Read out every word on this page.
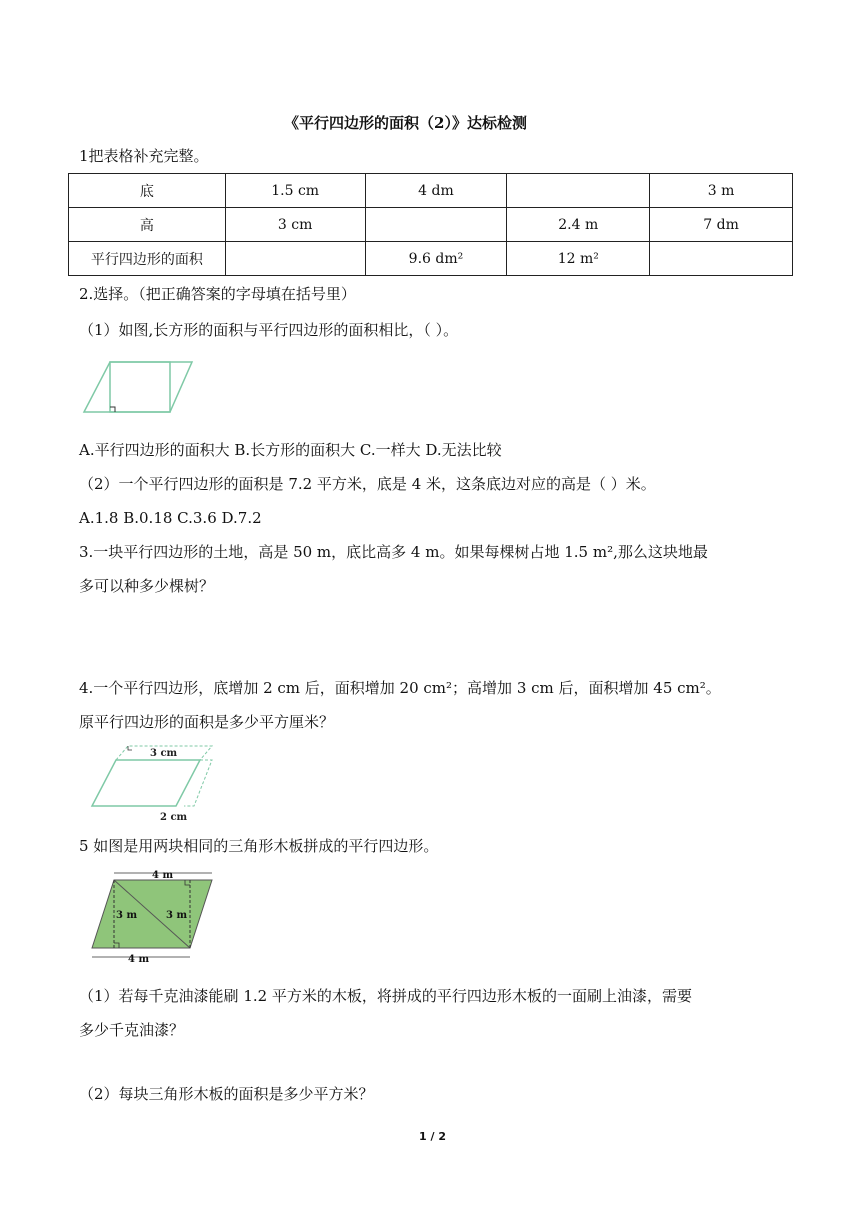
《平行四边形的面积（2）》达标检测
1把表格补充完整。
底	1.5 cm	4 dm		3 m
高	3 cm		2.4 m	7 dm
平行四边形的面积		9.6 dm²	12 m²	
2.选择。（把正确答案的字母填在括号里）
（1）如图,长方形的面积与平行四边形的面积相比，（ ）。
A.平行四边形的面积大 B.长方形的面积大 C.一样大 D.无法比较
（2）一个平行四边形的面积是 7.2 平方米，底是 4 米，这条底边对应的高是（ ）米。
A.1.8 B.0.18 C.3.6 D.7.2
3.一块平行四边形的土地，高是 50 m，底比高多 4 m。如果每棵树占地 1.5 m²,那么这块地最
多可以种多少棵树？
4.一个平行四边形，底增加 2 cm 后，面积增加 20 cm²；高增加 3 cm 后，面积增加 45 cm²。
原平行四边形的面积是多少平方厘米？
3 cm
2 cm
5 如图是用两块相同的三角形木板拼成的平行四边形。
4 m
4 m
3 m	3 m
（1）若每千克油漆能刷 1.2 平方米的木板，将拼成的平行四边形木板的一面刷上油漆，需要
多少千克油漆？
（2）每块三角形木板的面积是多少平方米？
1 / 2
